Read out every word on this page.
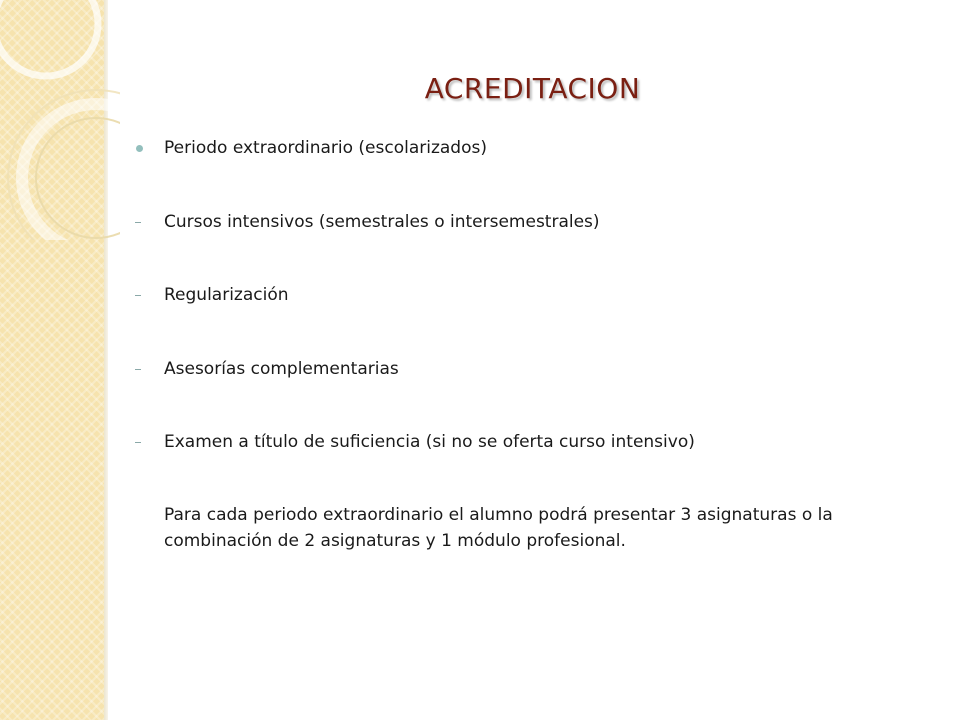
ACREDITACION
Periodo extraordinario (escolarizados)
Cursos intensivos (semestrales o intersemestrales)
Regularización
Asesorías complementarias
Examen a título de suficiencia (si no se oferta curso intensivo)

Para cada periodo extraordinario el alumno podrá presentar 3 asignaturas o la combinación de 2 asignaturas y 1 módulo profesional.
